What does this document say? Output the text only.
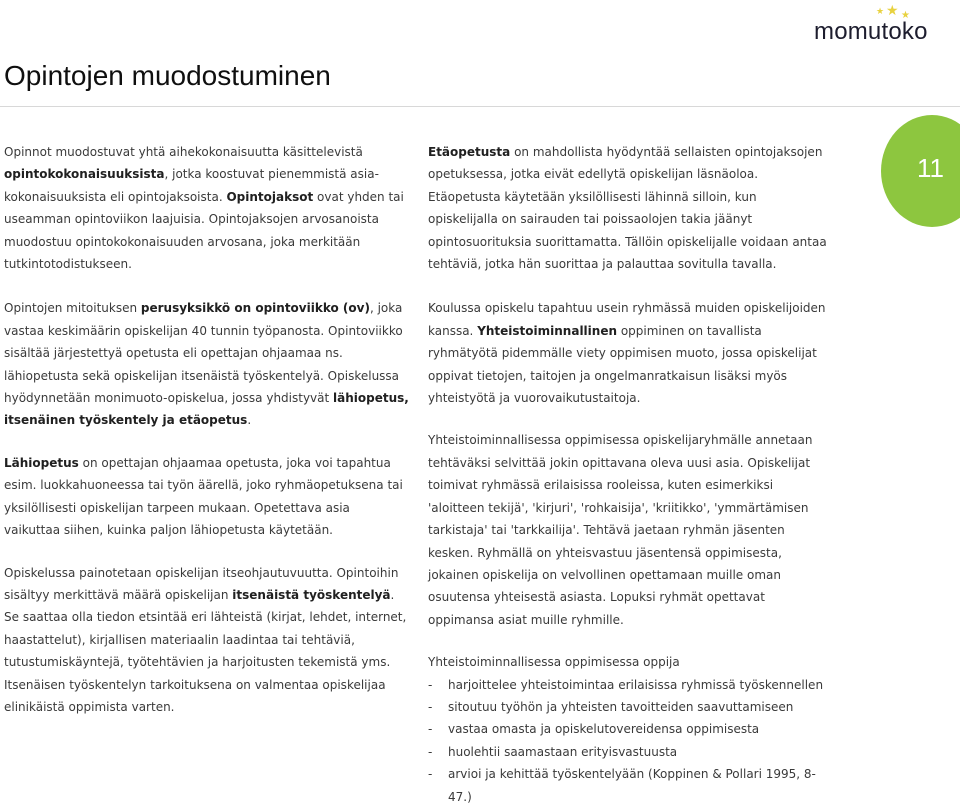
★ ★ ★
momutoko
Opintojen muodostuminen
11

Opinnot muodostuvat yhtä aihekokonaisuutta käsittelevistä opintokokonaisuuksista, jotka koostuvat pienemmistä asiakokonaisuuksista eli opintojaksoista. Opintojaksot ovat yhden tai useamman opintoviikon laajuisia. Opintojaksojen arvosanoista muodostuu opintokokonaisuuden arvosana, joka merkitään tutkintotodistukseen.

Opintojen mitoituksen perusyksikkö on opintoviikko (ov), joka vastaa keskimäärin opiskelijan 40 tunnin työpanosta. Opintoviikko sisältää järjestettyä opetusta eli opettajan ohjaamaa ns. lähiopetusta sekä opiskelijan itsenäistä työskentelyä. Opiskelussa hyödynnetään monimuoto-opiskelua, jossa yhdistyvät lähiopetus, itsenäinen työskentely ja etäopetus.

Lähiopetus on opettajan ohjaamaa opetusta, joka voi tapahtua esim. luokkahuoneessa tai työn äärellä, joko ryhmäopetuksena tai yksilöllisesti opiskelijan tarpeen mukaan. Opetettava asia vaikuttaa siihen, kuinka paljon lähiopetusta käytetään.

Opiskelussa painotetaan opiskelijan itseohjautuvuutta. Opintoihin sisältyy merkittävä määrä opiskelijan itsenäistä työskentelyä. Se saattaa olla tiedon etsintää eri lähteistä (kirjat, lehdet, internet, haastattelut), kirjallisen materiaalin laadintaa tai tehtäviä, tutustumiskäyntejä, työtehtävien ja harjoitusten tekemistä yms. Itsenäisen työskentelyn tarkoituksena on valmentaa opiskelijaa elinikäistä oppimista varten.

Etäopetusta on mahdollista hyödyntää sellaisten opintojaksojen opetuksessa, jotka eivät edellytä opiskelijan läsnäoloa. Etäopetusta käytetään yksilöllisesti lähinnä silloin, kun opiskelijalla on sairauden tai poissaolojen takia jäänyt opintosuorituksia suorittamatta. Tällöin opiskelijalle voidaan antaa tehtäviä, jotka hän suorittaa ja palauttaa sovitulla tavalla.

Koulussa opiskelu tapahtuu usein ryhmässä muiden opiskelijoiden kanssa. Yhteistoiminnallinen oppiminen on tavallista ryhmätyötä pidemmälle viety oppimisen muoto, jossa opiskelijat oppivat tietojen, taitojen ja ongelmanratkaisun lisäksi myös yhteistyötä ja vuorovaikutustaitoja.

Yhteistoiminnallisessa oppimisessa opiskelijaryhmälle annetaan tehtäväksi selvittää jokin opittavana oleva uusi asia. Opiskelijat toimivat ryhmässä erilaisissa rooleissa, kuten esimerkiksi 'aloitteen tekijä', 'kirjuri', 'rohkaisija', 'kriitikko', 'ymmärtämisen tarkistaja' tai 'tarkkailija'. Tehtävä jaetaan ryhmän jäsenten kesken. Ryhmällä on yhteisvastuu jäsentensä oppimisesta, jokainen opiskelija on velvollinen opettamaan muille oman osuutensa yhteisestä asiasta. Lopuksi ryhmät opettavat oppimansa asiat muille ryhmille.

Yhteistoiminnallisessa oppimisessa oppija

- harjoittelee yhteistoimintaa erilaisissa ryhmissä työskennellen
- sitoutuu työhön ja yhteisten tavoitteiden saavuttamiseen
- vastaa omasta ja opiskelutovereidensa oppimisesta
- huolehtii saamastaan erityisvastuusta
- arvioi ja kehittää työskentelyään (Koppinen & Pollari 1995, 8-47.)
